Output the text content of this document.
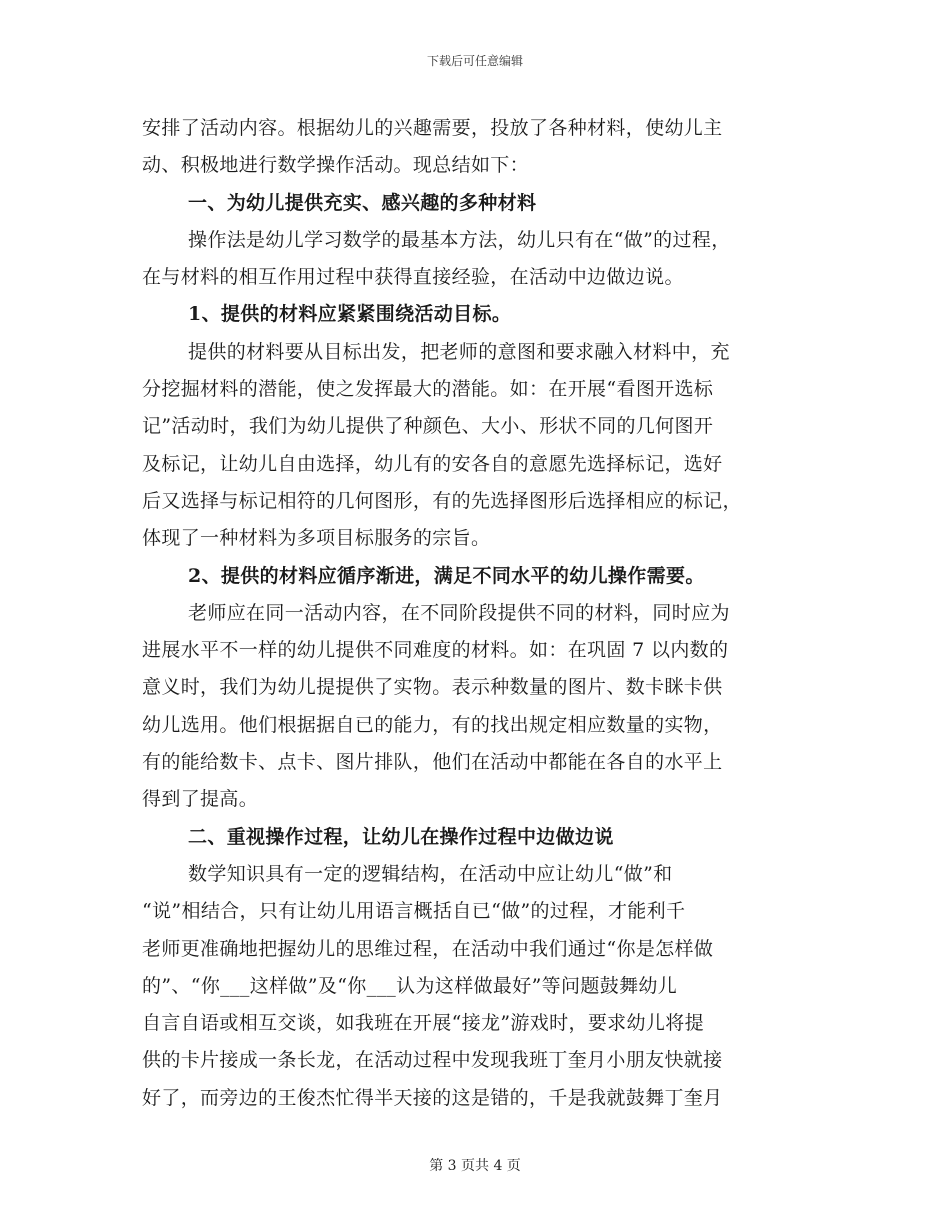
下载后可任意编辑
安排了活动内容。根据幼儿的兴趣需要，投放了各种材料，使幼儿主
动、积极地进行数学操作活动。现总结如下：
一、为幼儿提供充实、感兴趣的多种材料
操作法是幼儿学习数学的最基本方法，幼儿只有在“做”的过程，
在与材料的相互作用过程中获得直接经验，在活动中边做边说。
1、提供的材料应紧紧围绕活动目标。
提供的材料要从目标出发，把老师的意图和要求融入材料中，充
分挖掘材料的潜能，使之发挥最大的潜能。如：在开展“看图开选标
记”活动时，我们为幼儿提供了种颜色、大小、形状不同的几何图开
及标记，让幼儿自由选择，幼儿有的安各自的意愿先选择标记，选好
后又选择与标记相符的几何图形，有的先选择图形后选择相应的标记，
体现了一种材料为多项目标服务的宗旨。
2、提供的材料应循序渐进，满足不同水平的幼儿操作需要。
老师应在同一活动内容，在不同阶段提供不同的材料，同时应为
进展水平不一样的幼儿提供不同难度的材料。如：在巩固 7 以内数的
意义时，我们为幼儿提提供了实物。表示种数量的图片、数卡眯卡供
幼儿选用。他们根据据自已的能力，有的找出规定相应数量的实物，
有的能给数卡、点卡、图片排队，他们在活动中都能在各自的水平上
得到了提高。
二、重视操作过程，让幼儿在操作过程中边做边说
数学知识具有一定的逻辑结构，在活动中应让幼儿“做”和
“说”相结合，只有让幼儿用语言概括自已“做”的过程，才能利千
老师更准确地把握幼儿的思维过程，在活动中我们通过“你是怎样做
的”、“你___这样做”及“你___认为这样做最好”等问题鼓舞幼儿
自言自语或相互交谈，如我班在开展“接龙”游戏时，要求幼儿将提
供的卡片接成一条长龙，在活动过程中发现我班丁奎月小朋友快就接
好了，而旁边的王俊杰忙得半天接的这是错的，千是我就鼓舞丁奎月
第 3 页共 4 页
